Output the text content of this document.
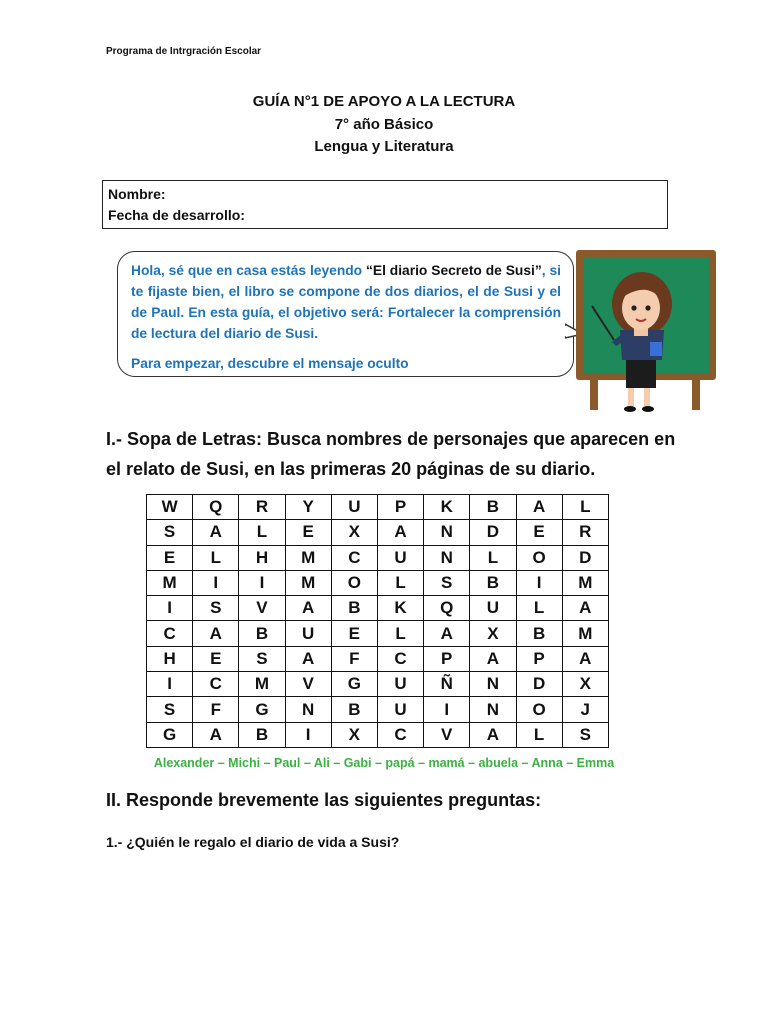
Programa de Intrgración Escolar
GUÍA N°1 DE APOYO A LA LECTURA
7° año Básico
Lengua y Literatura
Nombre:
Fecha de desarrollo:
Hola, sé que en casa estás leyendo “El diario Secreto de Susi”, si te fijaste bien, el libro se compone de dos diarios, el de Susi y el de Paul. En esta guía, el objetivo será: Fortalecer la comprensión de lectura del diario de Susi.
Para empezar, descubre el mensaje oculto
I.- Sopa de Letras: Busca nombres de personajes que aparecen en el relato de Susi, en las primeras 20 páginas de su diario.
W	Q	R	Y	U	P	K	B	A	L
S	A	L	E	X	A	N	D	E	R
E	L	H	M	C	U	N	L	O	D
M	I	I	M	O	L	S	B	I	M
I	S	V	A	B	K	Q	U	L	A
C	A	B	U	E	L	A	X	B	M
H	E	S	A	F	C	P	A	P	A
I	C	M	V	G	U	Ñ	N	D	X
S	F	G	N	B	U	I	N	O	J
G	A	B	I	X	C	V	A	L	S
Alexander – Michi – Paul – Ali – Gabi – papá – mamá – abuela – Anna – Emma
II. Responde brevemente las siguientes preguntas:
1.- ¿Quién le regalo el diario de vida a Susi?
